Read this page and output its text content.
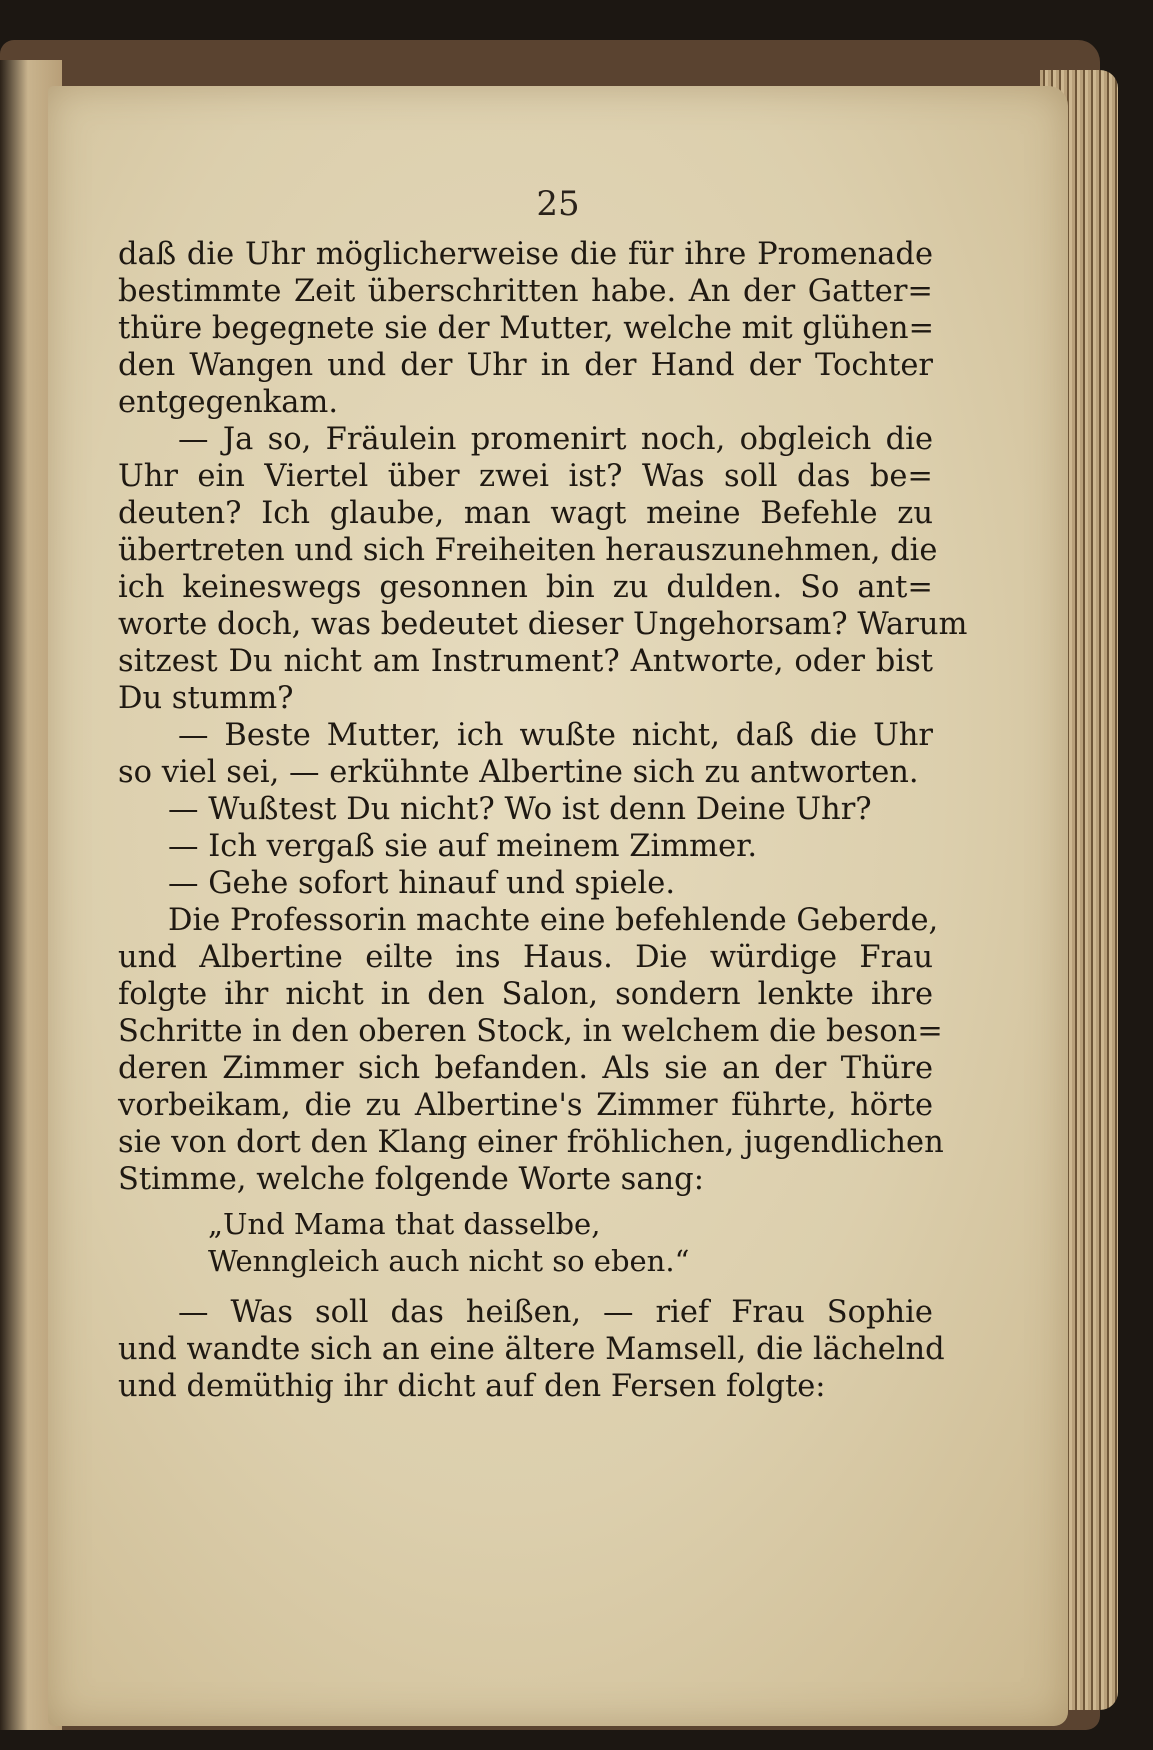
25
daß die Uhr möglicherweise die für ihre Promenade
bestimmte Zeit überschritten habe. An der Gatter=
thüre begegnete sie der Mutter, welche mit glühen=
den Wangen und der Uhr in der Hand der Tochter
entgegenkam.
— Ja so, Fräulein promenirt noch, obgleich die
Uhr ein Viertel über zwei ist? Was soll das be=
deuten? Ich glaube, man wagt meine Befehle zu
übertreten und sich Freiheiten herauszunehmen, die
ich keineswegs gesonnen bin zu dulden. So ant=
worte doch, was bedeutet dieser Ungehorsam? Warum
sitzest Du nicht am Instrument? Antworte, oder bist
Du stumm?
— Beste Mutter, ich wußte nicht, daß die Uhr
so viel sei, — erkühnte Albertine sich zu antworten.
— Wußtest Du nicht? Wo ist denn Deine Uhr?
— Ich vergaß sie auf meinem Zimmer.
— Gehe sofort hinauf und spiele.
Die Professorin machte eine befehlende Geberde,
und Albertine eilte ins Haus. Die würdige Frau
folgte ihr nicht in den Salon, sondern lenkte ihre
Schritte in den oberen Stock, in welchem die beson=
deren Zimmer sich befanden. Als sie an der Thüre
vorbeikam, die zu Albertine's Zimmer führte, hörte
sie von dort den Klang einer fröhlichen, jugendlichen
Stimme, welche folgende Worte sang:
„Und Mama that dasselbe,
Wenngleich auch nicht so eben.“
— Was soll das heißen, — rief Frau Sophie
und wandte sich an eine ältere Mamsell, die lächelnd
und demüthig ihr dicht auf den Fersen folgte:
